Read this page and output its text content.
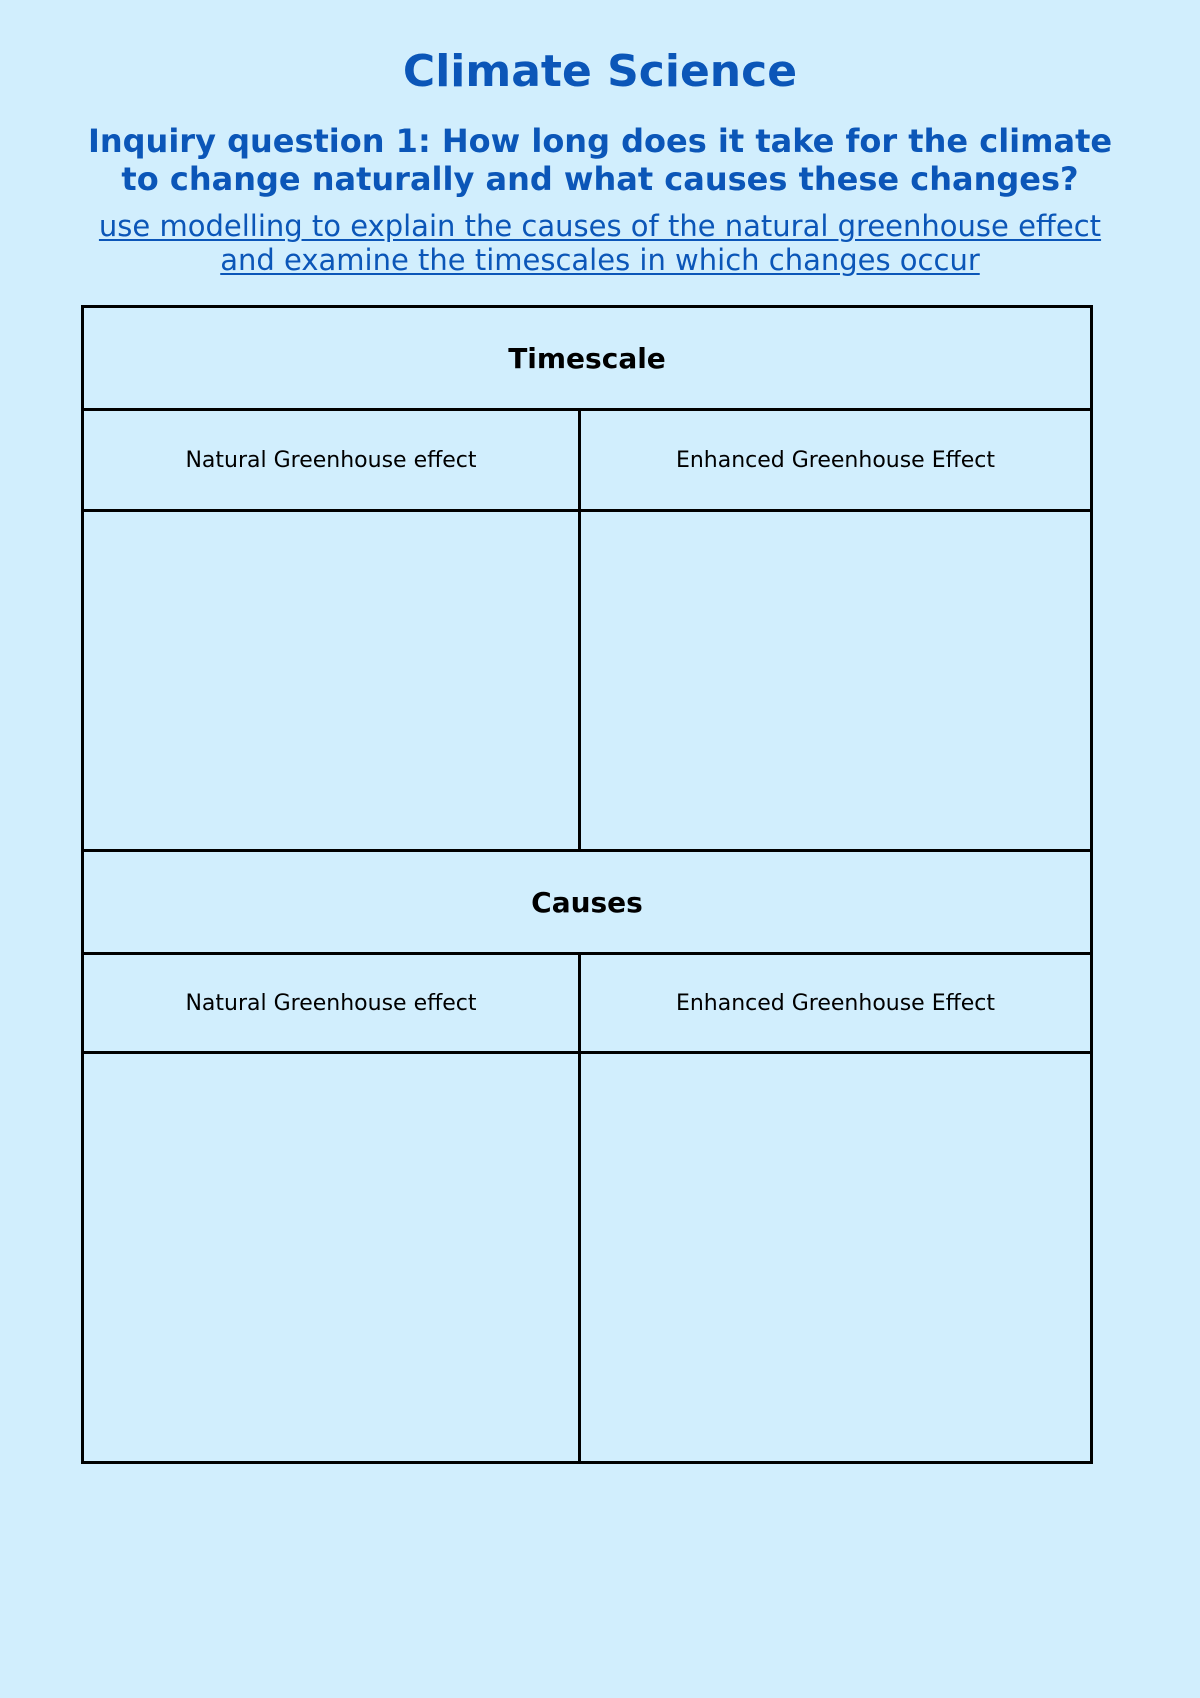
Climate Science
Inquiry question 1: How long does it take for the climate
to change naturally and what causes these changes?
use modelling to explain the causes of the natural greenhouse effect
and examine the timescales in which changes occur
Timescale
Natural Greenhouse effect	Enhanced Greenhouse Effect
Causes
Natural Greenhouse effect	Enhanced Greenhouse Effect
